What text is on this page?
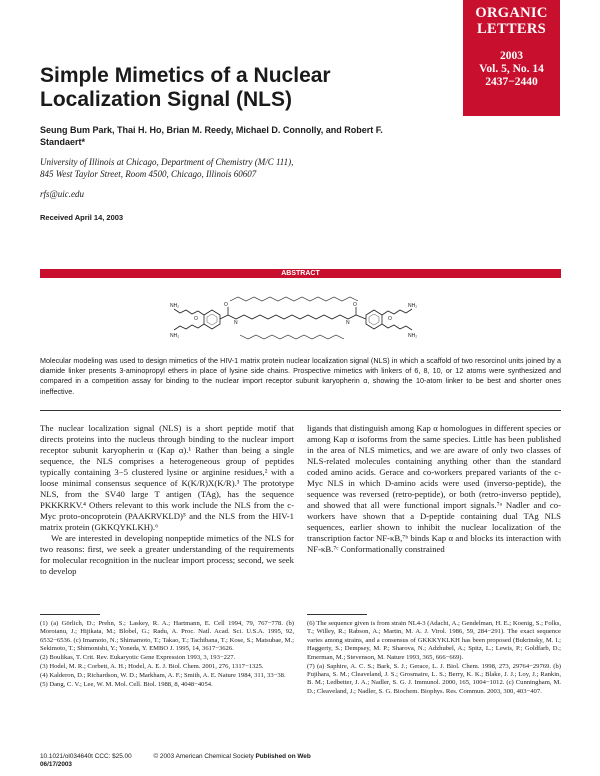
ORGANIC
LETTERS
2003
Vol. 5, No. 14
2437−2440
Simple Mimetics of a Nuclear
Localization Signal (NLS)
Seung Bum Park, Thai H. Ho, Brian M. Reedy, Michael D. Connolly, and Robert F. Standaert*
University of Illinois at Chicago, Department of Chemistry (M/C 111),
845 West Taylor Street, Room 4500, Chicago, Illinois 60607
rfs@uic.edu
Received April 14, 2003
ABSTRACT
O	O
N	N
O	O
NH₂
NH₂
NH₂
NH₂

Molecular modeling was used to design mimetics of the HIV-1 matrix protein nuclear localization signal (NLS) in which a scaffold of two resorcinol units joined by a diamide linker presents 3-aminopropyl ethers in place of lysine side chains. Prospective mimetics with linkers of 6, 8, 10, or 12 atoms were synthesized and compared in a competition assay for binding to the nuclear import receptor subunit karyopherin α, showing the 10-atom linker to be best and shorter ones ineffective.

The nuclear localization signal (NLS) is a short peptide motif that directs proteins into the nucleus through binding to the nuclear import receptor subunit karyopherin α (Kap α).¹ Rather than being a single sequence, the NLS comprises a heterogeneous group of peptides typically containing 3−5 clustered lysine or arginine residues,² with a loose minimal consensus sequence of K(K/R)X(K/R).³ The prototype NLS, from the SV40 large T antigen (TAg), has the sequence PKKKRKV.⁴ Others relevant to this work include the NLS from the c-Myc proto-oncoprotein (PAAKRVKLD)⁵ and the NLS from the HIV-1 matrix protein (GKKQYKLKH).⁶

We are interested in developing nonpeptide mimetics of the NLS for two reasons: first, we seek a greater understanding of the requirements for molecular recognition in the nuclear import process; second, we seek to develop

ligands that distinguish among Kap α homologues in different species or among Kap α isoforms from the same species. Little has been published in the area of NLS mimetics, and we are aware of only two classes of NLS-related molecules containing anything other than the standard coded amino acids. Gerace and co-workers prepared variants of the c-Myc NLS in which D-amino acids were used (inverso-peptide), the sequence was reversed (retro-peptide), or both (retro-inverso peptide), and showed that all were functional import signals.⁷ᵃ Nadler and co-workers have shown that a D-peptide containing dual TAg NLS sequences, earlier shown to inhibit the nuclear localization of the transcription factor NF-κB,⁷ᵇ binds Kap α and blocks its interaction with NF-κB.⁷ᶜ Conformationally constrained

(1) (a) Görlich, D.; Prehn, S.; Laskey, R. A.; Hartmann, E. Cell 1994, 79, 767−778. (b) Moroianu, J.; Hijikata, M.; Blobel, G.; Radu, A. Proc. Natl. Acad. Sci. U.S.A. 1995, 92, 6532−6536. (c) Imamoto, N.; Shimamoto, T.; Takao, T.; Tachibana, T.; Kose, S.; Matsubae, M.; Sekimoto, T.; Shimonishi, Y.; Yoneda, Y. EMBO J. 1995, 14, 3617−3626.

(2) Boulikas, T. Crit. Rev. Eukaryotic Gene Expression 1993, 3, 193−227.

(3) Hodel, M. R.; Corbett, A. H.; Hodel, A. E. J. Biol. Chem. 2001, 276, 1317−1325.

(4) Kalderon, D.; Richardson, W. D.; Markham, A. F.; Smith, A. E. Nature 1984, 311, 33−38.

(5) Dang, C. V.; Lee, W. M. Mol. Cell. Biol. 1988, 8, 4048−4054.

(6) The sequence given is from strain NL4-3 (Adachi, A.; Gendelman, H. E.; Koenig, S.; Folks, T.; Willey, R.; Rabson, A.; Martin, M. A. J. Virol. 1986, 59, 284−291). The exact sequence varies among strains, and a consensus of GKKKYKLKH has been proposed (Bukrinsky, M. I.; Haggerty, S.; Dempsey, M. P.; Sharova, N.; Adzhubel, A.; Spitz, L.; Lewis, P.; Goldfarb, D.; Emerman, M.; Stevenson, M. Nature 1993, 365, 666−669).

(7) (a) Saphire, A. C. S.; Bark, S. J.; Gerace, L. J. Biol. Chem. 1998, 273, 29764−29769. (b) Fujihara, S. M.; Cleaveland, J. S.; Grosmaire, L. S.; Berry, K. K.; Blake, J. J.; Loy, J.; Rankin, B. M.; Ledbetter, J. A.; Nadler, S. G. J. Immunol. 2000, 165, 1004−1012. (c) Cunningham, M. D.; Cleaveland, J.; Nadler, S. G. Biochem. Biophys. Res. Commun. 2003, 300, 403−407.

10.1021/ol034640t CCC: $25.00	© 2003 American Chemical Society Published on Web 06/17/2003
